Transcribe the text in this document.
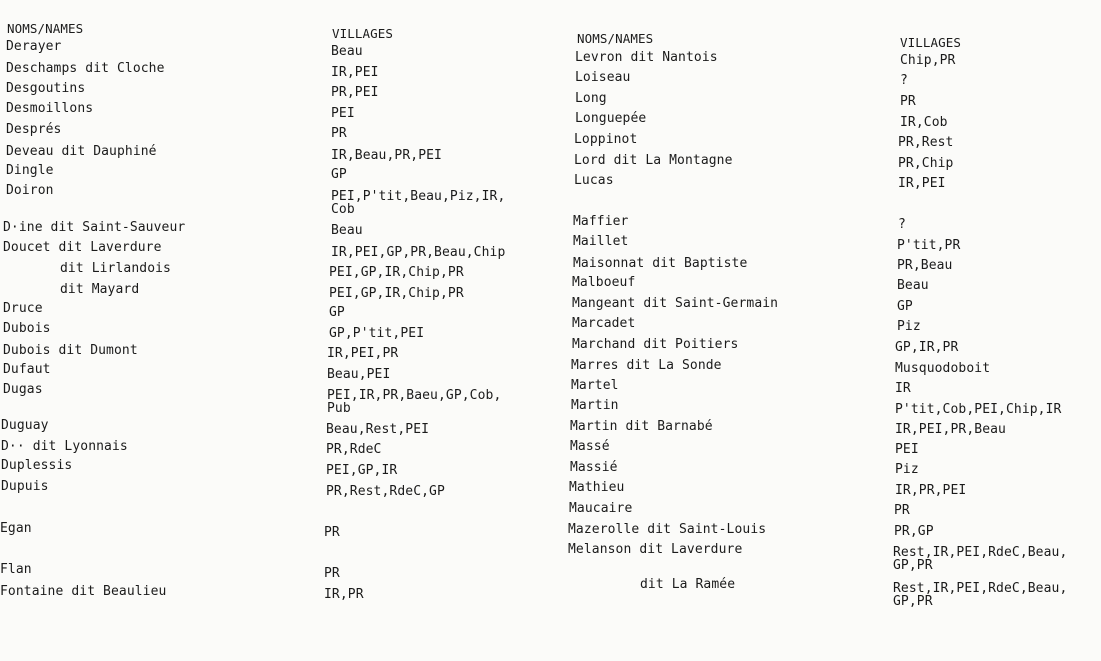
NOMS/NAMES	VILLAGES
Derayer	Beau
Deschamps dit Cloche	IR,PEI
Desgoutins	PR,PEI
Desmoillons	PEI
Després	PR
Deveau dit Dauphiné	IR,Beau,PR,PEI
Dingle	GP
Doiron	PEI,P'tit,Beau,Piz,IR,
Cob
D·ine dit Saint-Sauveur	Beau
Doucet dit Laverdure	IR,PEI,GP,PR,Beau,Chip
dit Lirlandois	PEI,GP,IR,Chip,PR
dit Mayard	PEI,GP,IR,Chip,PR
Druce	GP
Dubois	GP,P'tit,PEI
Dubois dit Dumont	IR,PEI,PR
Dufaut	Beau,PEI
Dugas	PEI,IR,PR,Baeu,GP,Cob,
Pub
Duguay	Beau,Rest,PEI
D·· dit Lyonnais	PR,RdeC
Duplessis	PEI,GP,IR
Dupuis	PR,Rest,RdeC,GP
Egan	PR
Flan	PR
Fontaine dit Beaulieu	IR,PR
NOMS/NAMES	VILLAGES
Levron dit Nantois	Chip,PR
Loiseau	?
Long	PR
Longuepée	IR,Cob
Loppinot	PR,Rest
Lord dit La Montagne	PR,Chip
Lucas	IR,PEI
Maffier	?
Maillet	P'tit,PR
Maisonnat dit Baptiste	PR,Beau
Malboeuf	Beau
Mangeant dit Saint-Germain	GP
Marcadet	Piz
Marchand dit Poitiers	GP,IR,PR
Marres dit La Sonde	Musquodoboit
Martel	IR
Martin	P'tit,Cob,PEI,Chip,IR
Martin dit Barnabé	IR,PEI,PR,Beau
Massé	PEI
Massié	Piz
Mathieu	IR,PR,PEI
Maucaire	PR
Mazerolle dit Saint-Louis	PR,GP
Melanson dit Laverdure	Rest,IR,PEI,RdeC,Beau,
GP,PR
dit La Ramée	Rest,IR,PEI,RdeC,Beau,
GP,PR
